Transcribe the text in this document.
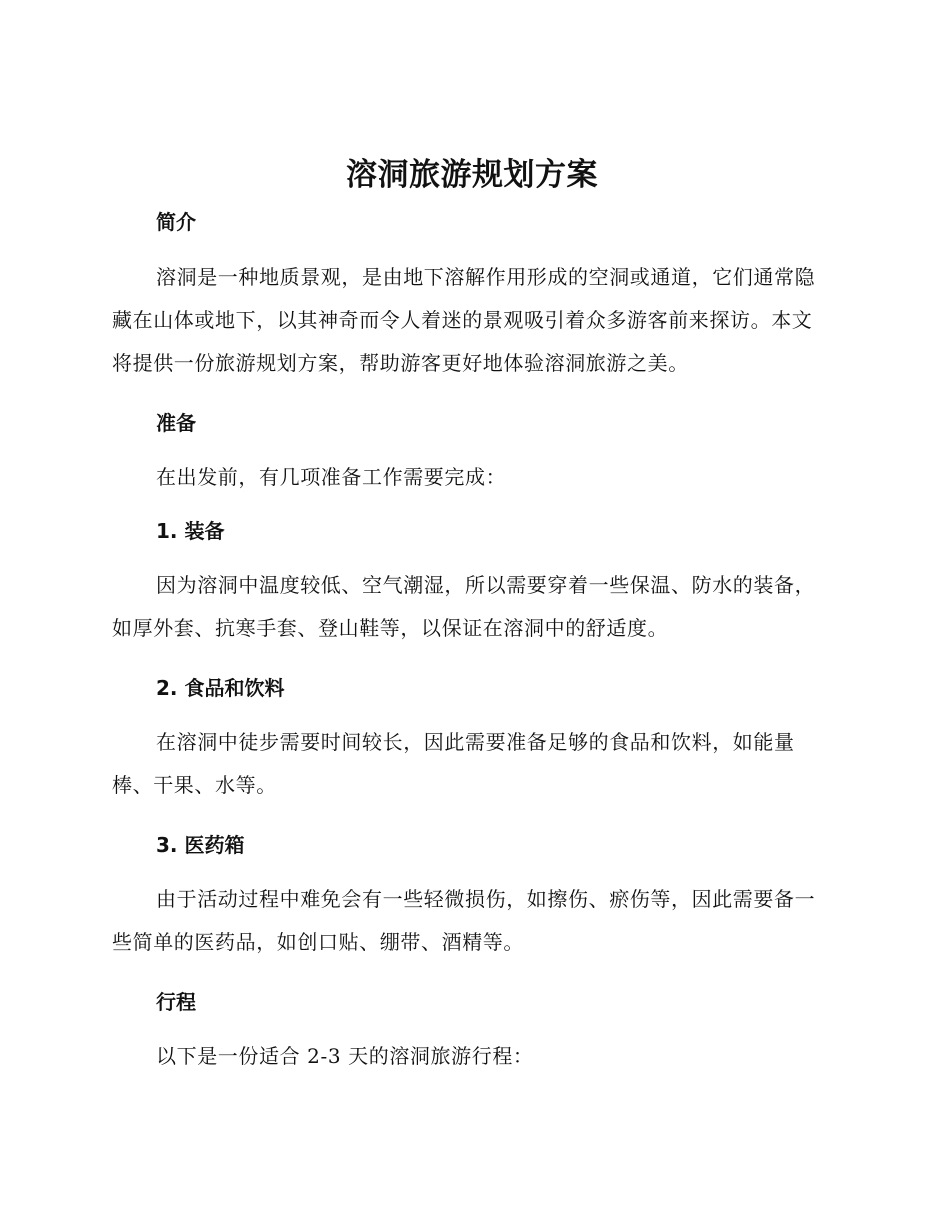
溶洞旅游规划方案
简介

溶洞是一种地质景观，是由地下溶解作用形成的空洞或通道，它们通常隐藏在山体或地下，以其神奇而令人着迷的景观吸引着众多游客前来探访。本文将提供一份旅游规划方案，帮助游客更好地体验溶洞旅游之美。

准备

在出发前，有几项准备工作需要完成：

1. 装备

因为溶洞中温度较低、空气潮湿，所以需要穿着一些保温、防水的装备，如厚外套、抗寒手套、登山鞋等，以保证在溶洞中的舒适度。

2. 食品和饮料

在溶洞中徒步需要时间较长，因此需要准备足够的食品和饮料，如能量棒、干果、水等。

3. 医药箱

由于活动过程中难免会有一些轻微损伤，如擦伤、瘀伤等，因此需要备一些简单的医药品，如创口贴、绷带、酒精等。

行程

以下是一份适合 2-3 天的溶洞旅游行程：
